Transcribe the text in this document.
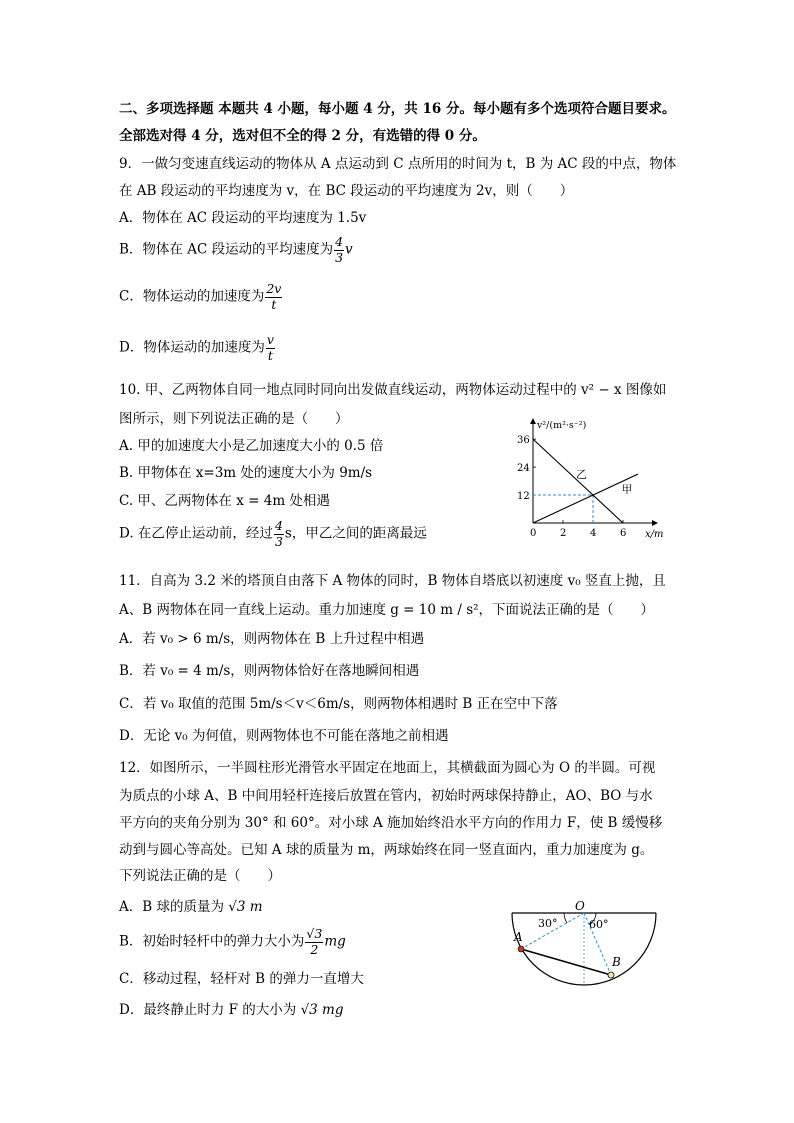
二、多项选择题 本题共 4 小题，每小题 4 分，共 16 分。每小题有多个选项符合题目要求。
全部选对得 4 分，选对但不全的得 2 分，有选错的得 0 分。
9．一做匀变速直线运动的物体从 A 点运动到 C 点所用的时间为 t，B 为 AC 段的中点，物体
在 AB 段运动的平均速度为 v，在 BC 段运动的平均速度为 2v，则（　　）
A．物体在 AC 段运动的平均速度为 1.5v
B．物体在 AC 段运动的平均速度为 $\frac{4}{3}$ v
C．物体运动的加速度为 $\frac{2v}{t}$
D．物体运动的加速度为 $\frac{v}{t}$
10. 甲、乙两物体自同一地点同时同向出发做直线运动，两物体运动过程中的 v² − x 图像如
图所示，则下列说法正确的是（　　）
A. 甲的加速度大小是乙加速度大小的 0.5 倍
B. 甲物体在 x=3m 处的速度大小为 9m/s
C. 甲、乙两物体在 x = 4m 处相遇
D. 在乙停止运动前，经过 $\frac{4}{3}$ s，甲乙之间的距离最远
v²/(m²·s⁻²)
x/m
0 2 4 6
12
24
36
乙
甲
11．自高为 3.2 米的塔顶自由落下 A 物体的同时，B 物体自塔底以初速度 v₀ 竖直上抛，且
A、B 两物体在同一直线上运动。重力加速度 g = 10 m / s²，下面说法正确的是（　　）
A．若 v₀ > 6 m/s，则两物体在 B 上升过程中相遇
B．若 v₀ = 4 m/s，则两物体恰好在落地瞬间相遇
C．若 v₀ 取值的范围 5m/s＜v＜6m/s，则两物体相遇时 B 正在空中下落
D．无论 v₀ 为何值，则两物体也不可能在落地之前相遇
12．如图所示，一半圆柱形光滑管水平固定在地面上，其横截面为圆心为 O 的半圆。可视
为质点的小球 A、B 中间用轻杆连接后放置在管内，初始时两球保持静止，AO、BO 与水
平方向的夹角分别为 30° 和 60°。对小球 A 施加始终沿水平方向的作用力 F，使 B 缓慢移
动到与圆心等高处。已知 A 球的质量为 m，两球始终在同一竖直面内，重力加速度为 g。
下列说法正确的是（　　）
A．B 球的质量为 √3 m
B．初始时轻杆中的弹力大小为 $\frac{√3}{2}$ mg
C．移动过程，轻杆对 B 的弹力一直增大
D．最终静止时力 F 的大小为 √3 mg
O
A
B
30°	60°
